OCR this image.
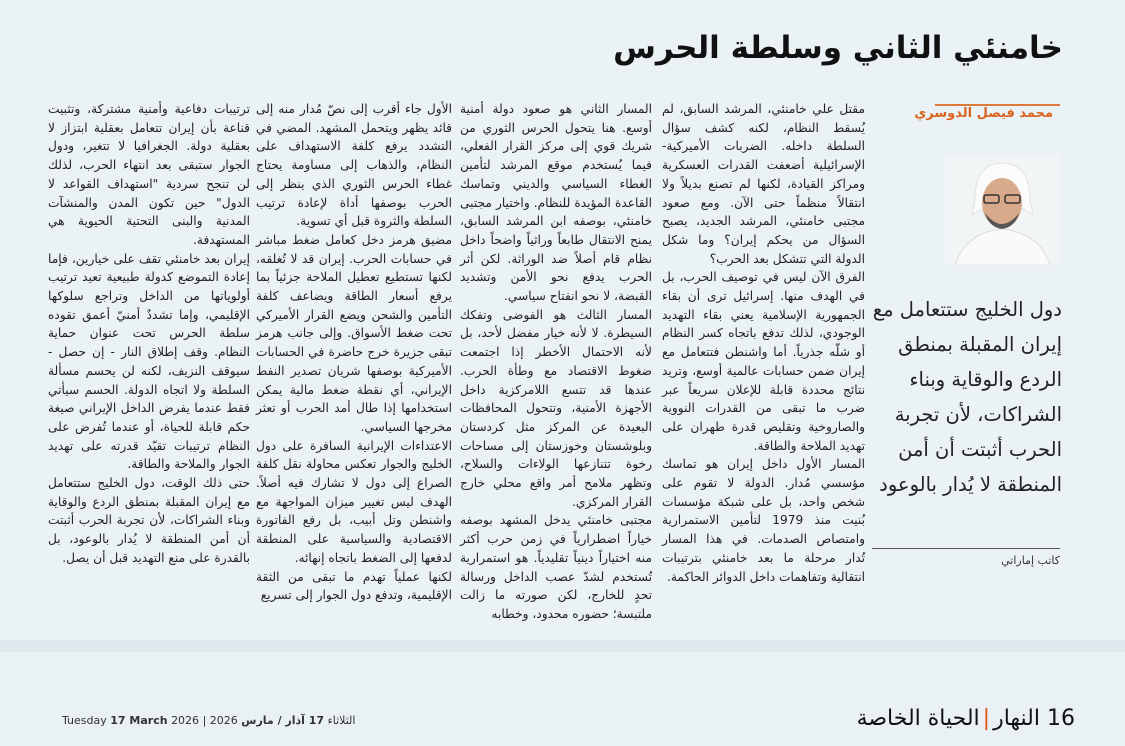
خامنئي الثاني وسلطة الحرس

مقتل علي خامنئي، المرشد السابق، لم يُسقط النظام، لكنه كشف سؤال السلطة داخله. الضربات الأميركية-الإسرائيلية أضعفت القدرات العسكرية ومراكز القيادة، لكنها لم تصنع بديلاً ولا انتقالاً منظماً حتى الآن. ومع صعود مجتبى خامنئي، المرشد الجديد، يصبح السؤال من يحكم إيران؟ وما شكل الدولة التي تتشكل بعد الحرب؟

الفرق الآن ليس في توصيف الحرب، بل في الهدف منها. إسرائيل ترى أن بقاء الجمهورية الإسلامية يعني بقاء التهديد الوجودي، لذلك تدفع باتجاه كسر النظام أو شلّه جذرياً. أما واشنطن فتتعامل مع إيران ضمن حسابات عالمية أوسع، وتريد نتائج محددة قابلة للإعلان سريعاً عبر ضرب ما تبقى من القدرات النووية والصاروخية وتقليص قدرة طهران على تهديد الملاحة والطاقة.

المسار الأول داخل إيران هو تماسك مؤسسي مُدار. الدولة لا تقوم على شخص واحد، بل على شبكة مؤسسات بُنيت منذ 1979 لتأمين الاستمرارية وامتصاص الصدمات. في هذا المسار تُدار مرحلة ما بعد خامنئي بترتيبات انتقالية وتفاهمات داخل الدوائر الحاكمة.

المسار الثاني هو صعود دولة أمنية أوسع. هنا يتحول الحرس الثوري من شريك قوي إلى مركز القرار الفعلي، فيما يُستخدم موقع المرشد لتأمين الغطاء السياسي والديني وتماسك القاعدة المؤيدة للنظام. واختيار مجتبى خامنئي، بوصفه ابن المرشد السابق، يمنح الانتقال طابعاً وراثياً واضحاً داخل نظام قام أصلاً ضد الوراثة. لكن أثر الحرب يدفع نحو الأمن وتشديد القبضة، لا نحو انفتاح سياسي.

المسار الثالث هو الفوضى وتفكك السيطرة. لا لأنه خيار مفضل لأحد، بل لأنه الاحتمال الأخطر إذا اجتمعت ضغوط الاقتصاد مع وطأة الحرب. عندها قد تتسع اللامركزية داخل الأجهزة الأمنية، وتتحول المحافظات البعيدة عن المركز مثل كردستان وبلوشستان وخوزستان إلى مساحات رخوة تتنازعها الولاءات والسلاح، وتظهر ملامح أمر واقع محلي خارج القرار المركزي.

مجتبى خامنئي يدخل المشهد بوصفه خياراً اضطرارياً في زمن حرب أكثر منه اختياراً دينياً تقليدياً. هو استمرارية تُستخدم لشدّ عصب الداخل ورسالة تحدٍ للخارج، لكن صورته ما زالت ملتبسة؛ حضوره محدود، وخطابه

الأول جاء أقرب إلى نصّ مُدار منه إلى قائد يظهر ويتحمل المشهد. المضي في التشدد يرفع كلفة الاستهداف على النظام، والذهاب إلى مساومة يحتاج غطاء الحرس الثوري الذي ينظر إلى الحرب بوصفها أداة لإعادة ترتيب السلطة والثروة قبل أي تسوية.

مضيق هرمز دخل كعامل ضغط مباشر في حسابات الحرب. إيران قد لا تُغلقه، لكنها تستطيع تعطيل الملاحة جزئياً بما يرفع أسعار الطاقة ويضاعف كلفة التأمين والشحن ويضع القرار الأميركي تحت ضغط الأسواق. وإلى جانب هرمز تبقى جزيرة خرج حاضرة في الحسابات الأميركية بوصفها شريان تصدير النفط الإيراني، أي نقطة ضغط مالية يمكن استخدامها إذا طال أمد الحرب أو تعثر مخرجها السياسي.

الاعتداءات الإيرانية السافرة على دول الخليج والجوار تعكس محاولة نقل كلفة الصراع إلى دول لا تشارك فيه أصلاً. الهدف ليس تغيير ميزان المواجهة مع واشنطن وتل أبيب، بل رفع الفاتورة الاقتصادية والسياسية على المنطقة لدفعها إلى الضغط باتجاه إنهائه.

لكنها عملياً تهدم ما تبقى من الثقة الإقليمية، وتدفع دول الجوار إلى تسريع

ترتيبات دفاعية وأمنية مشتركة، وتثبيت قناعة بأن إيران تتعامل بعقلية ابتزاز لا بعقلية دولة. الجغرافيا لا تتغير، ودول الجوار ستبقى بعد انتهاء الحرب، لذلك لن تنجح سردية "استهداف القواعد لا الدول" حين تكون المدن والمنشآت المدنية والبنى التحتية الحيوية هي المستهدفة.

إيران بعد خامنئي تقف على خيارين، فإما إعادة التموضع كدولة طبيعية تعيد ترتيب أولوياتها من الداخل وتراجع سلوكها الإقليمي، وإما تشددٌ أمنيّ أعمق تقوده سلطة الحرس تحت عنوان حماية النظام. وقف إطلاق النار - إن حصل - سيوقف النزيف، لكنه لن يحسم مسألة السلطة ولا اتجاه الدولة. الحسم سيأتي فقط عندما يفرض الداخل الإيراني صيغة حكم قابلة للحياة، أو عندما تُفرض على النظام ترتيبات تقيّد قدرته على تهديد الجوار والملاحة والطاقة.

حتى ذلك الوقت، دول الخليج ستتعامل مع إيران المقبلة بمنطق الردع والوقاية وبناء الشراكات، لأن تجربة الحرب أثبتت أن أمن المنطقة لا يُدار بالوعود، بل بالقدرة على منع التهديد قبل أن يصل.

محمد فيصل الدوسري
دول الخليج ستتعامل مع إيران المقبلة بمنطق الردع والوقاية وبناء الشراكات، لأن تجربة الحرب أثبتت أن أمن المنطقة لا يُدار بالوعود
كاتب إماراتي
16 النهار|الحياة الخاصة
Tuesday 17 March 2026 |	الثلاثاء 17 آذار / مارس 2026
